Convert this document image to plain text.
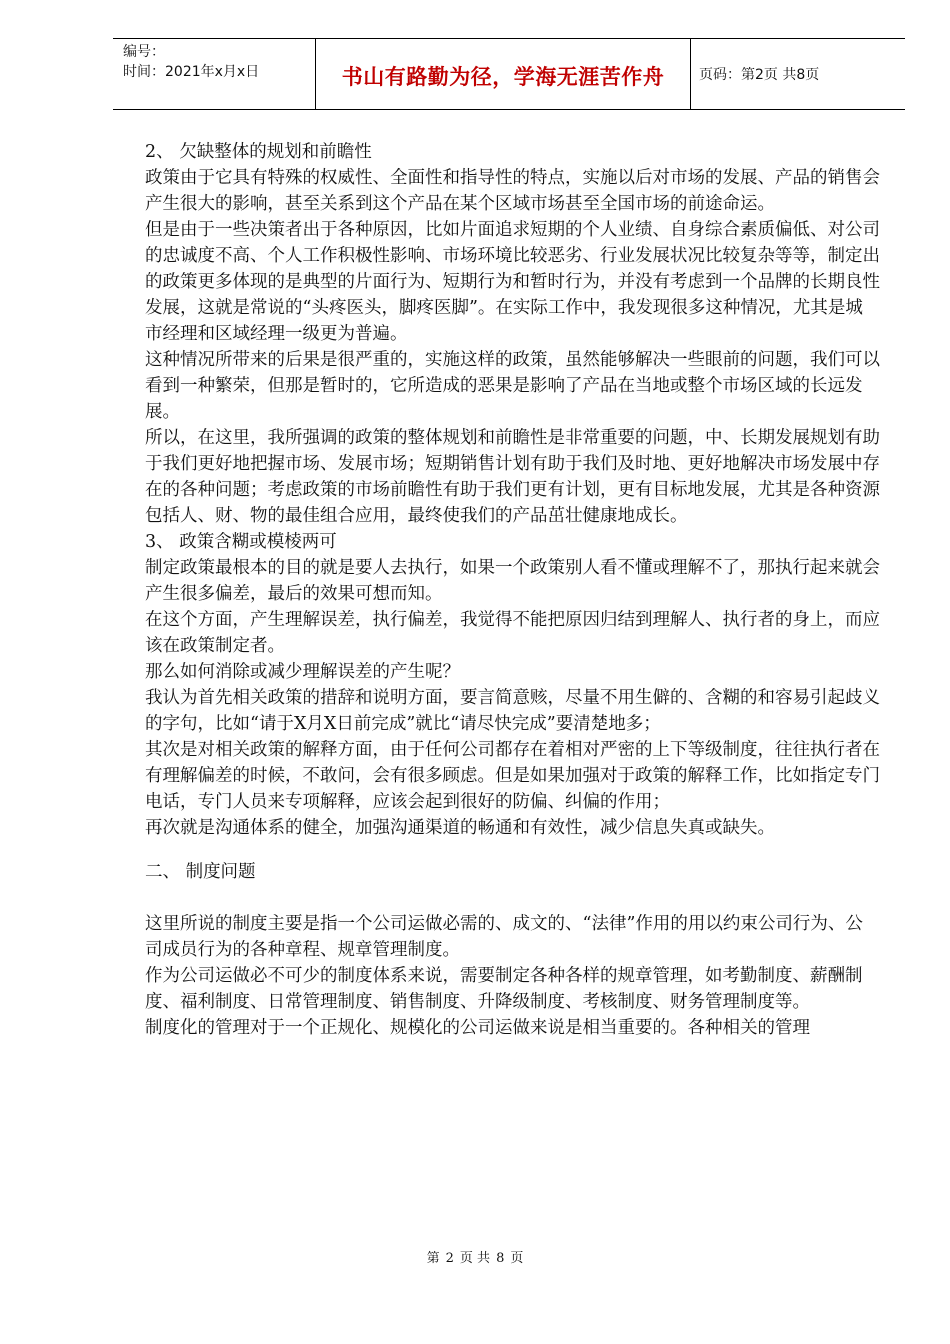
编号：
时间：2021年x月x日	书山有路勤为径，学海无涯苦作舟	页码：第2页 共8页

2、 欠缺整体的规划和前瞻性

政策由于它具有特殊的权威性、全面性和指导性的特点，实施以后对市场的发展、产品的销售会产生很大的影响，甚至关系到这个产品在某个区域市场甚至全国市场的前途命运。

但是由于一些决策者出于各种原因，比如片面追求短期的个人业绩、自身综合素质偏低、对公司的忠诚度不高、个人工作积极性影响、市场环境比较恶劣、行业发展状况比较复杂等等，制定出的政策更多体现的是典型的片面行为、短期行为和暂时行为，并没有考虑到一个品牌的长期良性发展，这就是常说的“头疼医头，脚疼医脚”。在实际工作中，我发现很多这种情况，尤其是城市经理和区域经理一级更为普遍。

这种情况所带来的后果是很严重的，实施这样的政策，虽然能够解决一些眼前的问题，我们可以看到一种繁荣，但那是暂时的，它所造成的恶果是影响了产品在当地或整个市场区域的长远发展。

所以，在这里，我所强调的政策的整体规划和前瞻性是非常重要的问题，中、长期发展规划有助于我们更好地把握市场、发展市场；短期销售计划有助于我们及时地、更好地解决市场发展中存在的各种问题；考虑政策的市场前瞻性有助于我们更有计划，更有目标地发展，尤其是各种资源包括人、财、物的最佳组合应用，最终使我们的产品茁壮健康地成长。

3、 政策含糊或模棱两可

制定政策最根本的目的就是要人去执行，如果一个政策别人看不懂或理解不了，那执行起来就会产生很多偏差，最后的效果可想而知。

在这个方面，产生理解误差，执行偏差，我觉得不能把原因归结到理解人、执行者的身上，而应该在政策制定者。

那么如何消除或减少理解误差的产生呢？

我认为首先相关政策的措辞和说明方面，要言简意赅，尽量不用生僻的、含糊的和容易引起歧义的字句，比如“请于X月X日前完成”就比“请尽快完成”要清楚地多；

其次是对相关政策的解释方面，由于任何公司都存在着相对严密的上下等级制度，往往执行者在有理解偏差的时候，不敢问，会有很多顾虑。但是如果加强对于政策的解释工作，比如指定专门电话，专门人员来专项解释，应该会起到很好的防偏、纠偏的作用；

再次就是沟通体系的健全，加强沟通渠道的畅通和有效性，减少信息失真或缺失。

二、 制度问题

这里所说的制度主要是指一个公司运做必需的、成文的、“法律”作用的用以约束公司行为、公司成员行为的各种章程、规章管理制度。

作为公司运做必不可少的制度体系来说，需要制定各种各样的规章管理，如考勤制度、薪酬制度、福利制度、日常管理制度、销售制度、升降级制度、考核制度、财务管理制度等。

制度化的管理对于一个正规化、规模化的公司运做来说是相当重要的。各种相关的管理

第 2 页 共 8 页
